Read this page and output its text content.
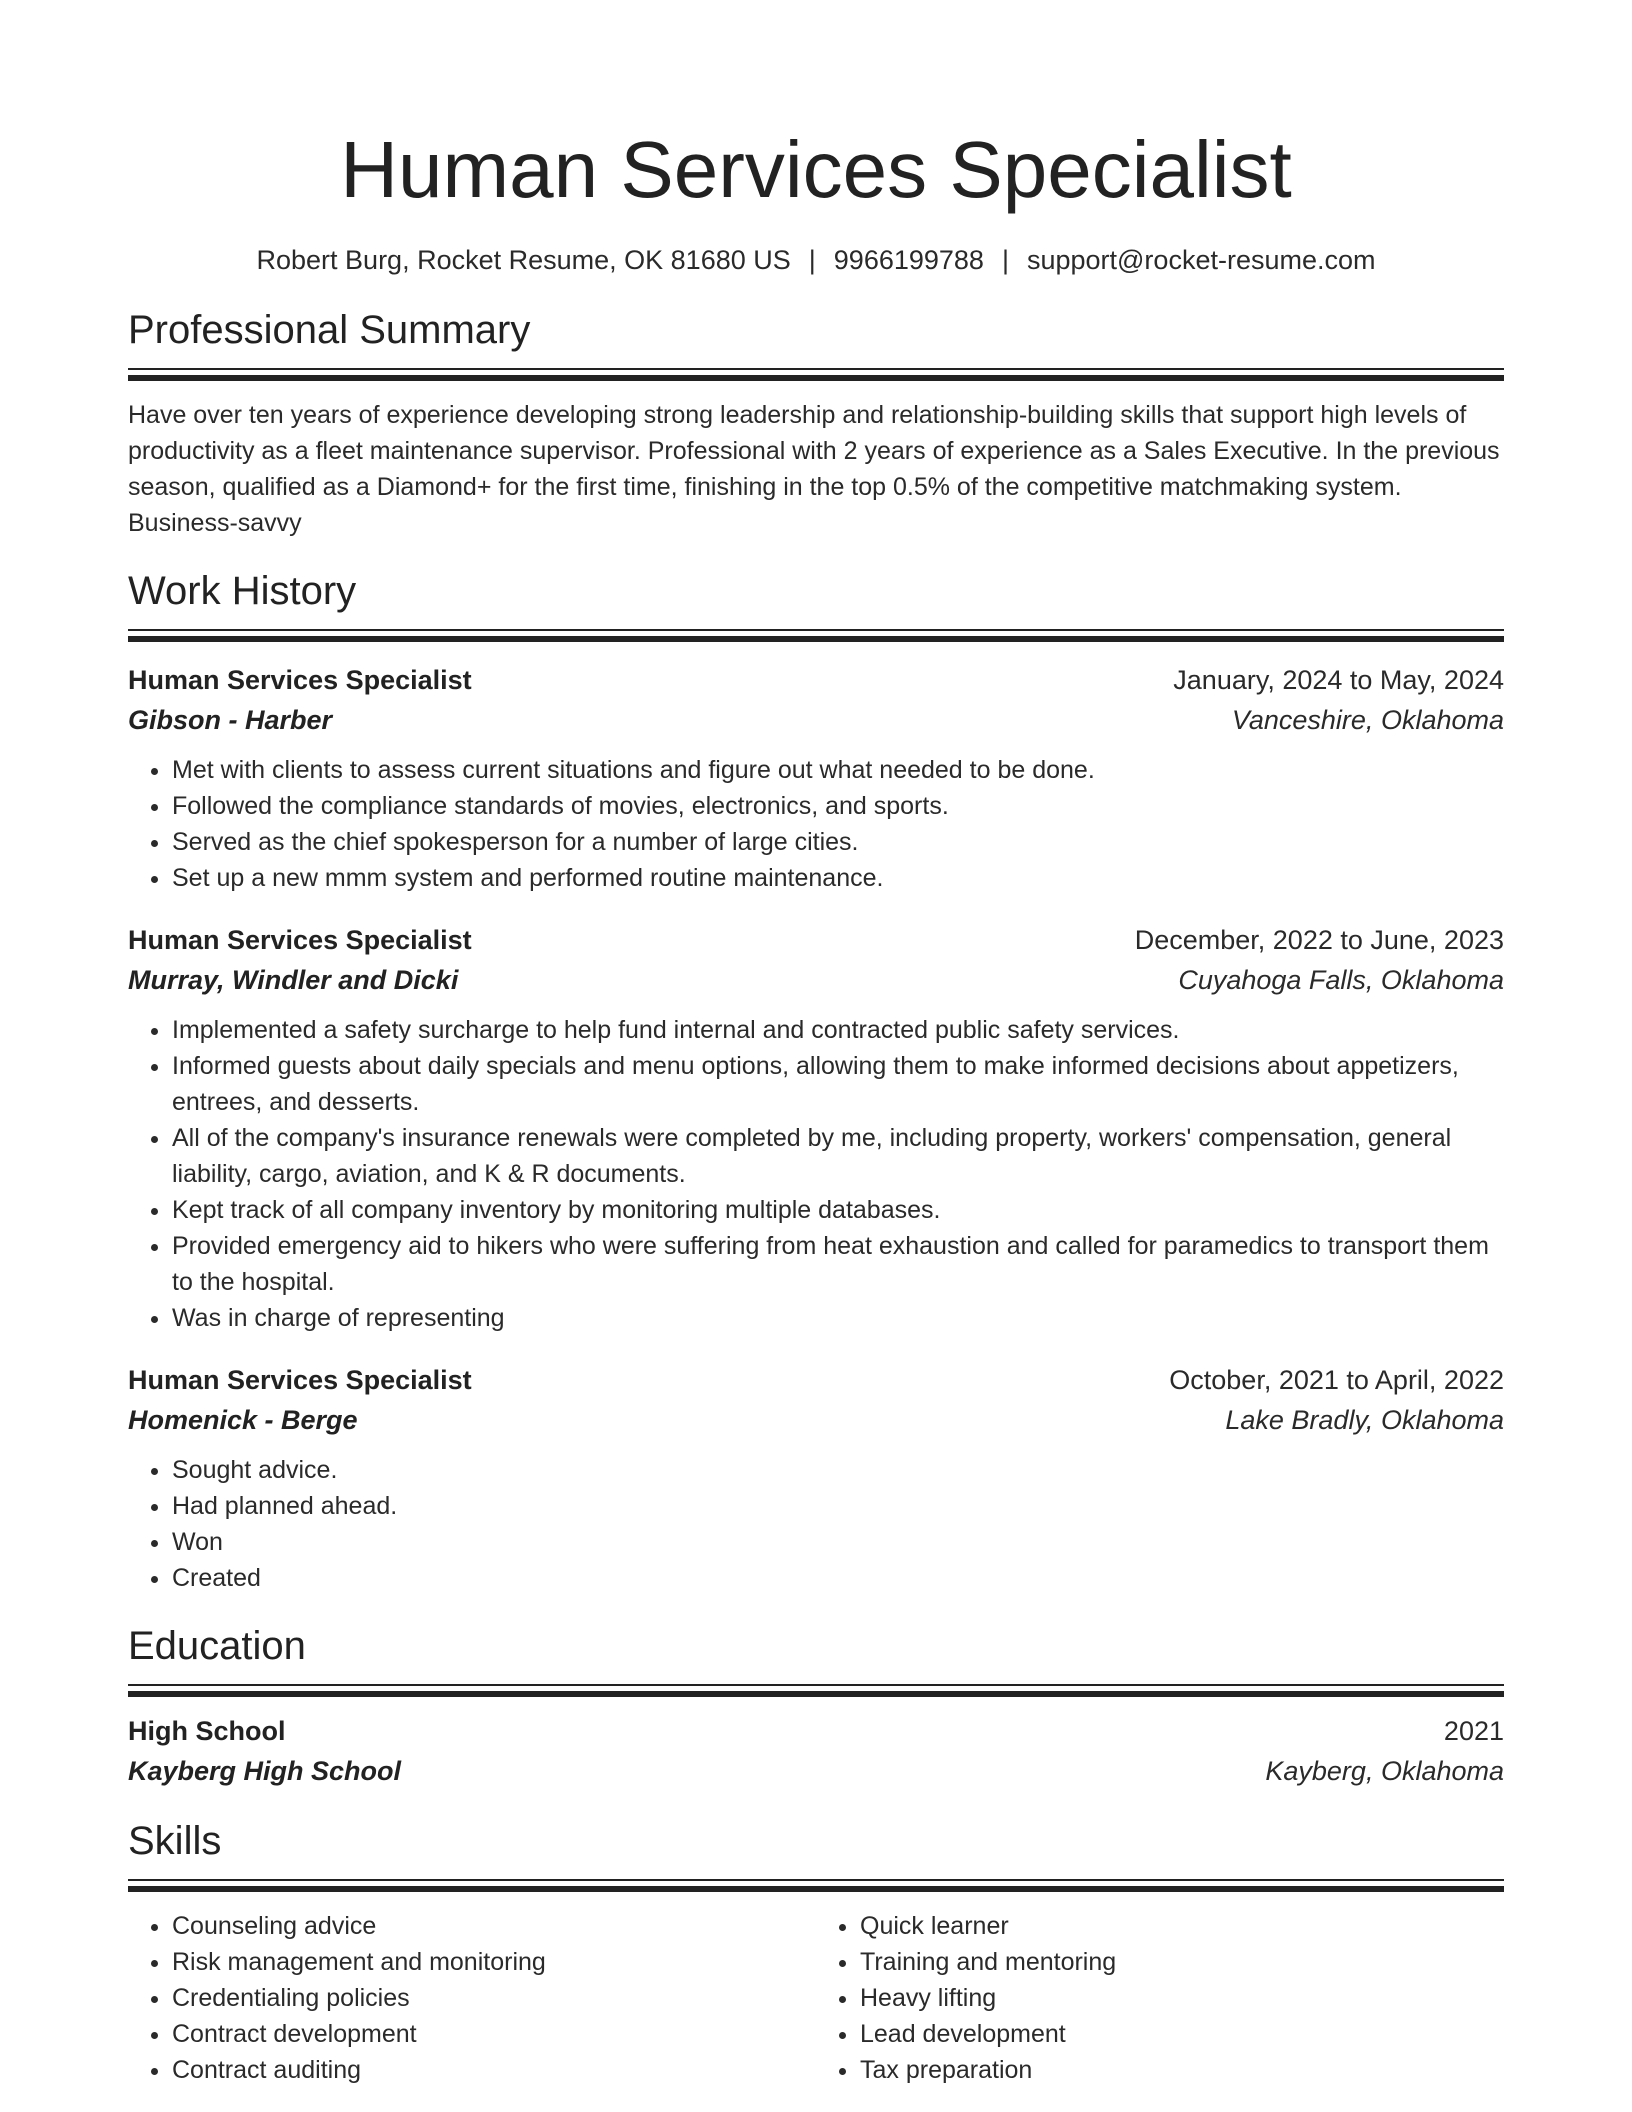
Human Services Specialist
Robert Burg, Rocket Resume, OK 81680 US | 9966199788 | support@rocket-resume.com
Professional Summary
Have over ten years of experience developing strong leadership and relationship-building skills that support high levels of productivity as a fleet maintenance supervisor. Professional with 2 years of experience as a Sales Executive. In the previous season, qualified as a Diamond+ for the first time, finishing in the top 0.5% of the competitive matchmaking system. Business-savvy
Work History
Human Services Specialist	January, 2024 to May, 2024
Gibson - Harber	Vanceshire, Oklahoma
• Met with clients to assess current situations and figure out what needed to be done.
• Followed the compliance standards of movies, electronics, and sports.
• Served as the chief spokesperson for a number of large cities.
• Set up a new mmm system and performed routine maintenance.
Human Services Specialist	December, 2022 to June, 2023
Murray, Windler and Dicki	Cuyahoga Falls, Oklahoma
• Implemented a safety surcharge to help fund internal and contracted public safety services.
• Informed guests about daily specials and menu options, allowing them to make informed decisions about appetizers, entrees, and desserts.
• All of the company's insurance renewals were completed by me, including property, workers' compensation, general liability, cargo, aviation, and K & R documents.
• Kept track of all company inventory by monitoring multiple databases.
• Provided emergency aid to hikers who were suffering from heat exhaustion and called for paramedics to transport them to the hospital.
• Was in charge of representing
Human Services Specialist	October, 2021 to April, 2022
Homenick - Berge	Lake Bradly, Oklahoma
• Sought advice.
• Had planned ahead.
• Won
• Created
Education
High School	2021
Kayberg High School	Kayberg, Oklahoma
Skills
• Counseling advice
• Risk management and monitoring
• Credentialing policies
• Contract development
• Contract auditing
• Quick learner
• Training and mentoring
• Heavy lifting
• Lead development
• Tax preparation
